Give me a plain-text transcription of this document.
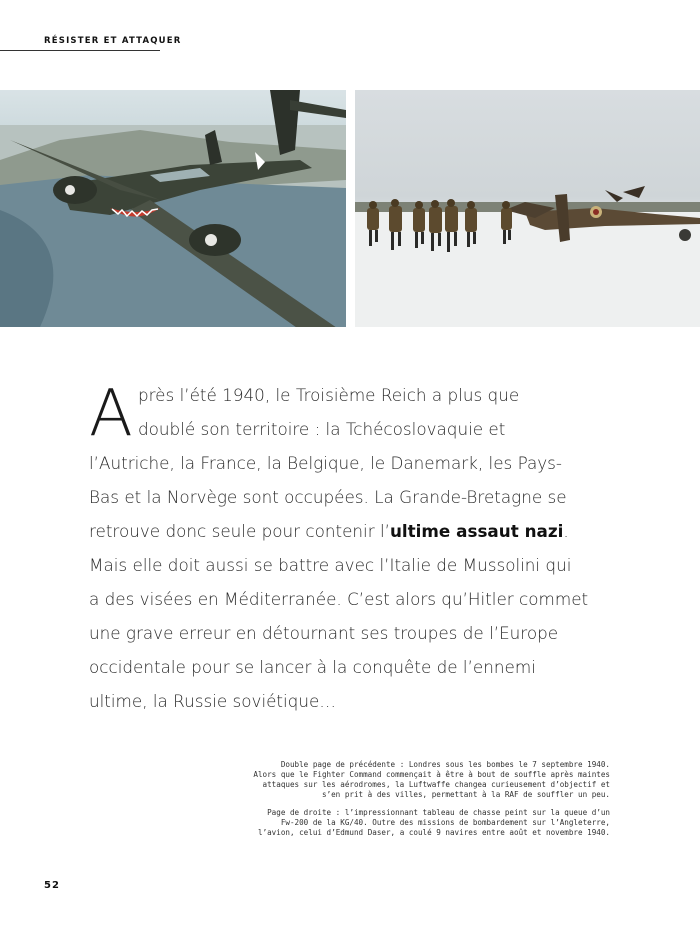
RÉSISTER ET ATTAQUER
A près l’été 1940, le Troisième Reich a plus que
doublé son territoire : la Tchécoslovaquie et
l’Autriche, la France, la Belgique, le Danemark, les Pays-
Bas et la Norvège sont occupées. La Grande-Bretagne se
retrouve donc seule pour contenir l’ultime assaut nazi.
Mais elle doit aussi se battre avec l’Italie de Mussolini qui
a des visées en Méditerranée. C’est alors qu’Hitler commet
une grave erreur en détournant ses troupes de l’Europe
occidentale pour se lancer à la conquête de l’ennemi
ultime, la Russie soviétique…

Double page de précédente : Londres sous les bombes le 7 septembre 1940.
Alors que le Fighter Command commençait à être à bout de souffle après maintes
attaques sur les aérodromes, la Luftwaffe changea curieusement d’objectif et
s’en prit à des villes, permettant à la RAF de souffler un peu.

Page de droite : l’impressionnant tableau de chasse peint sur la queue d’un
Fw-200 de la KG/40. Outre des missions de bombardement sur l’Angleterre,
l’avion, celui d’Edmund Daser, a coulé 9 navires entre août et novembre 1940.

52
